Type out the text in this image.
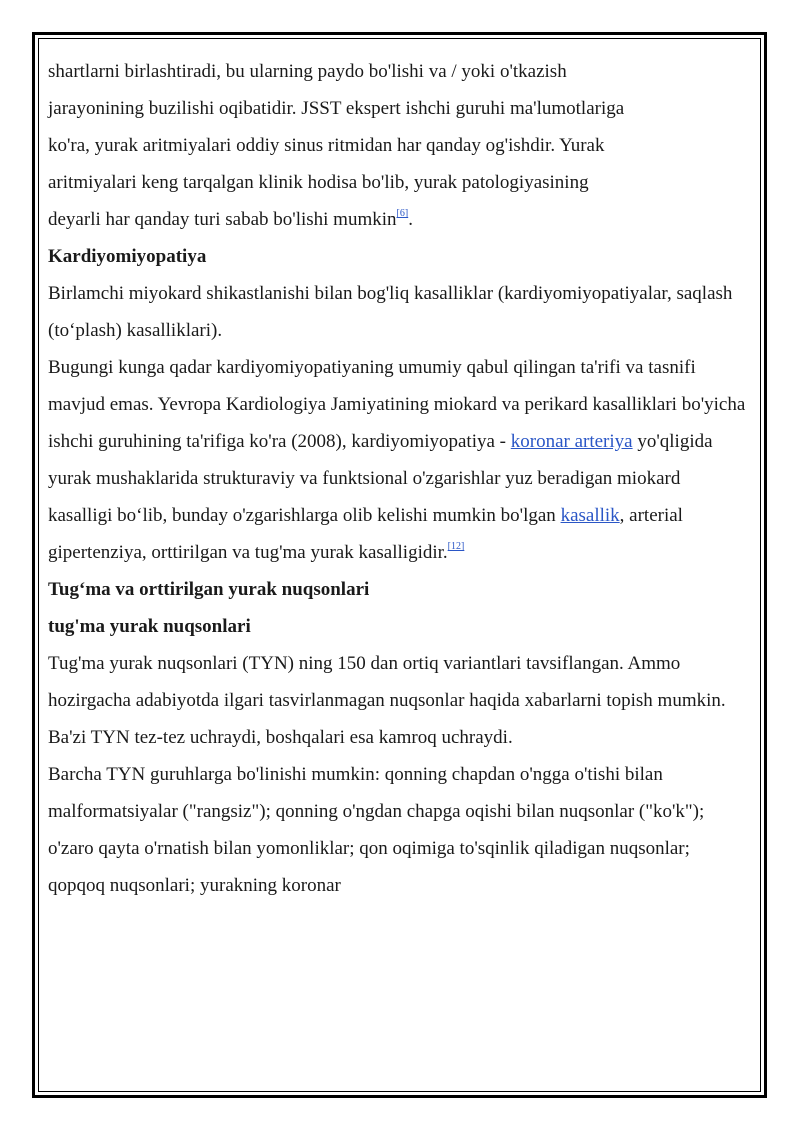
shartlarni birlashtiradi, bu ularning paydo bo'lishi va / yoki o'tkazish
jarayonining buzilishi oqibatidir. JSST ekspert ishchi guruhi ma'lumotlariga
ko'ra, yurak aritmiyalari oddiy sinus ritmidan har qanday og'ishdir. Yurak
aritmiyalari keng tarqalgan klinik hodisa bo'lib, yurak patologiyasining
deyarli har qanday turi sabab bo'lishi mumkin[6].

Kardiyomiyopatiya

Birlamchi miyokard shikastlanishi bilan bog'liq kasalliklar (kardiyomiyopatiyalar, saqlash (to‘plash) kasalliklari).

Bugungi kunga qadar kardiyomiyopatiyaning umumiy qabul qilingan ta'rifi va tasnifi mavjud emas. Yevropa Kardiologiya Jamiyatining miokard va perikard kasalliklari bo'yicha ishchi guruhining ta'rifiga ko'ra (2008), kardiyomiyopatiya - koronar arteriya yo'qligida yurak mushaklarida strukturaviy va funktsional o'zgarishlar yuz beradigan miokard kasalligi bo‘lib, bunday o'zgarishlarga olib kelishi mumkin bo'lgan kasallik, arterial gipertenziya, orttirilgan va tug'ma yurak kasalligidir.[12]

Tug‘ma va orttirilgan yurak nuqsonlari
tug'ma yurak nuqsonlari

Tug'ma yurak nuqsonlari (TYN) ning 150 dan ortiq variantlari tavsiflangan. Ammo hozirgacha adabiyotda ilgari tasvirlanmagan nuqsonlar haqida xabarlarni topish mumkin. Ba'zi TYN tez-tez uchraydi, boshqalari esa kamroq uchraydi.

Barcha TYN guruhlarga bo'linishi mumkin: qonning chapdan o'ngga o'tishi bilan malformatsiyalar ("rangsiz"); qonning o'ngdan chapga oqishi bilan nuqsonlar ("ko'k"); o'zaro qayta o'rnatish bilan yomonliklar; qon oqimiga to'sqinlik qiladigan nuqsonlar; qopqoq nuqsonlari; yurakning koronar
